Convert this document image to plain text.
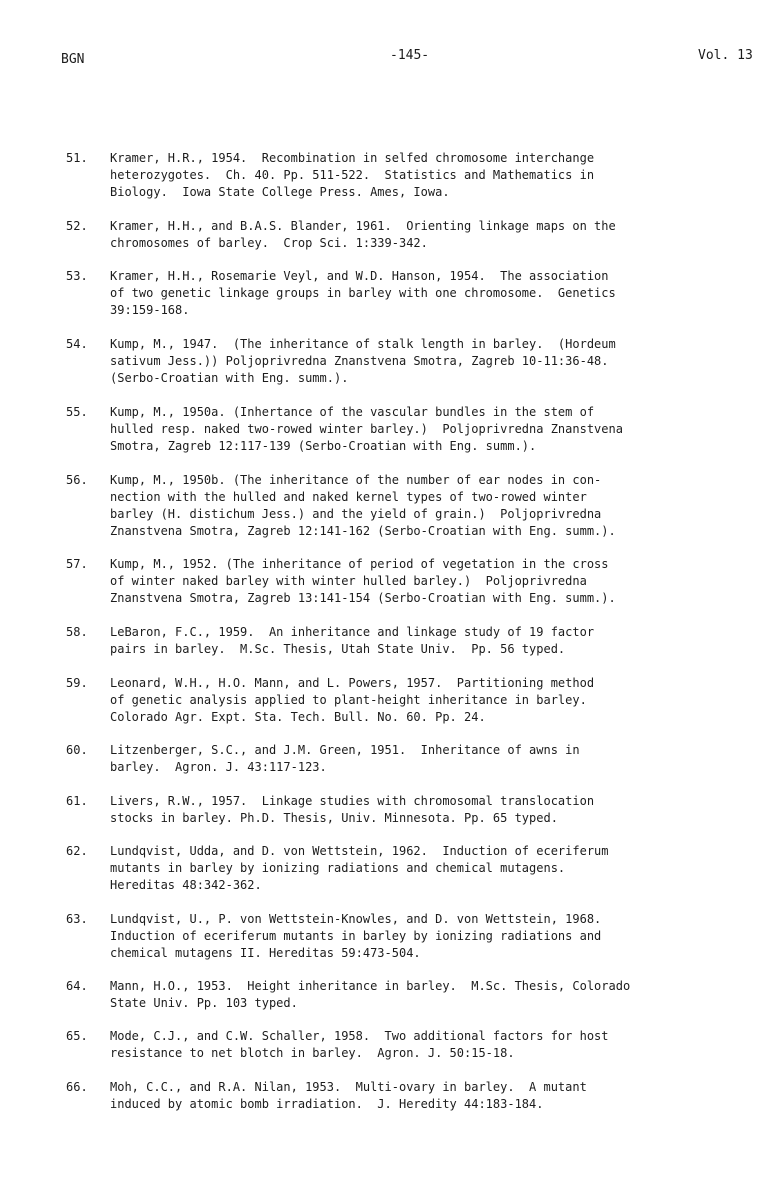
BGN	-145-	Vol. 13
51. Kramer, H.R., 1954.  Recombination in selfed chromosome interchange
heterozygotes.  Ch. 40. Pp. 511-522.  Statistics and Mathematics in
Biology.  Iowa State College Press. Ames, Iowa.
52. Kramer, H.H., and B.A.S. Blander, 1961.  Orienting linkage maps on the
chromosomes of barley.  Crop Sci. 1:339-342.
53. Kramer, H.H., Rosemarie Veyl, and W.D. Hanson, 1954.  The association
of two genetic linkage groups in barley with one chromosome.  Genetics
39:159-168.
54. Kump, M., 1947.  (The inheritance of stalk length in barley.  (Hordeum
sativum Jess.)) Poljoprivredna Znanstvena Smotra, Zagreb 10-11:36-48.
(Serbo-Croatian with Eng. summ.).
55. Kump, M., 1950a. (Inhertance of the vascular bundles in the stem of
hulled resp. naked two-rowed winter barley.)  Poljoprivredna Znanstvena
Smotra, Zagreb 12:117-139 (Serbo-Croatian with Eng. summ.).
56. Kump, M., 1950b. (The inheritance of the number of ear nodes in con-
nection with the hulled and naked kernel types of two-rowed winter
barley (H. distichum Jess.) and the yield of grain.)  Poljoprivredna
Znanstvena Smotra, Zagreb 12:141-162 (Serbo-Croatian with Eng. summ.).
57. Kump, M., 1952. (The inheritance of period of vegetation in the cross
of winter naked barley with winter hulled barley.)  Poljoprivredna
Znanstvena Smotra, Zagreb 13:141-154 (Serbo-Croatian with Eng. summ.).
58. LeBaron, F.C., 1959.  An inheritance and linkage study of 19 factor
pairs in barley.  M.Sc. Thesis, Utah State Univ.  Pp. 56 typed.
59. Leonard, W.H., H.O. Mann, and L. Powers, 1957.  Partitioning method
of genetic analysis applied to plant-height inheritance in barley.
Colorado Agr. Expt. Sta. Tech. Bull. No. 60. Pp. 24.
60. Litzenberger, S.C., and J.M. Green, 1951.  Inheritance of awns in
barley.  Agron. J. 43:117-123.
61. Livers, R.W., 1957.  Linkage studies with chromosomal translocation
stocks in barley. Ph.D. Thesis, Univ. Minnesota. Pp. 65 typed.
62. Lundqvist, Udda, and D. von Wettstein, 1962.  Induction of eceriferum
mutants in barley by ionizing radiations and chemical mutagens.
Hereditas 48:342-362.
63. Lundqvist, U., P. von Wettstein-Knowles, and D. von Wettstein, 1968.
Induction of eceriferum mutants in barley by ionizing radiations and
chemical mutagens II. Hereditas 59:473-504.
64. Mann, H.O., 1953.  Height inheritance in barley.  M.Sc. Thesis, Colorado
State Univ. Pp. 103 typed.
65. Mode, C.J., and C.W. Schaller, 1958.  Two additional factors for host
resistance to net blotch in barley.  Agron. J. 50:15-18.
66. Moh, C.C., and R.A. Nilan, 1953.  Multi-ovary in barley.  A mutant
induced by atomic bomb irradiation.  J. Heredity 44:183-184.
